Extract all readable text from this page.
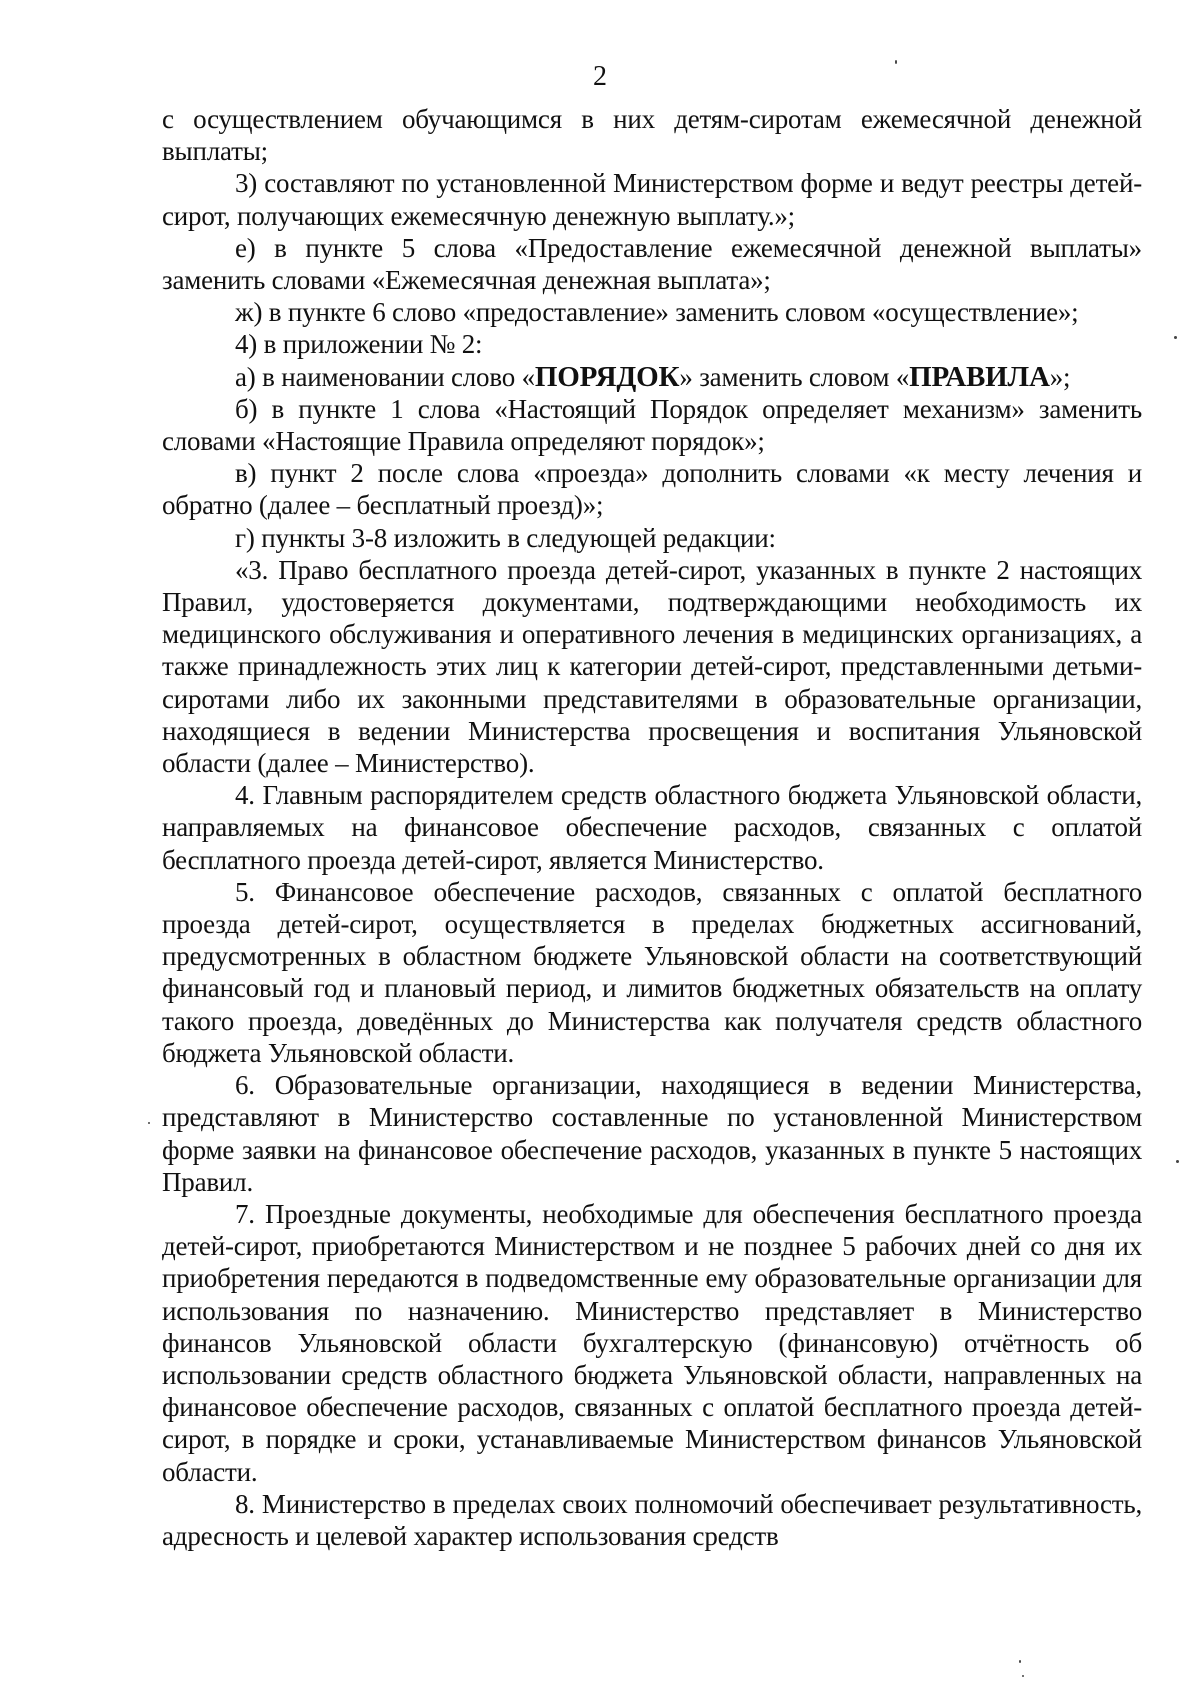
2

с осуществлением обучающимся в них детям-сиротам ежемесячной денежной выплаты;

3) составляют по установленной Министерством форме и ведут реестры детей-сирот, получающих ежемесячную денежную выплату.»;

е) в пункте 5 слова «Предоставление ежемесячной денежной выплаты» заменить словами «Ежемесячная денежная выплата»;

ж) в пункте 6 слово «предоставление» заменить словом «осуществление»;

4) в приложении № 2:

а) в наименовании слово «ПОРЯДОК» заменить словом «ПРАВИЛА»;

б) в пункте 1 слова «Настоящий Порядок определяет механизм» заменить словами «Настоящие Правила определяют порядок»;

в) пункт 2 после слова «проезда» дополнить словами «к месту лечения и обратно (далее – бесплатный проезд)»;

г) пункты 3-8 изложить в следующей редакции:

«3. Право бесплатного проезда детей-сирот, указанных в пункте 2 настоящих Правил, удостоверяется документами, подтверждающими необходимость их медицинского обслуживания и оперативного лечения в медицинских организациях, а также принадлежность этих лиц к категории детей-сирот, представленными детьми-сиротами либо их законными представителями в образовательные организации, находящиеся в ведении Министерства просвещения и воспитания Ульяновской области (далее – Министерство).

4. Главным распорядителем средств областного бюджета Ульяновской области, направляемых на финансовое обеспечение расходов, связанных с оплатой бесплатного проезда детей-сирот, является Министерство.

5. Финансовое обеспечение расходов, связанных с оплатой бесплатного проезда детей-сирот, осуществляется в пределах бюджетных ассигнований, предусмотренных в областном бюджете Ульяновской области на соответствующий финансовый год и плановый период, и лимитов бюджетных обязательств на оплату такого проезда, доведённых до Министерства как получателя средств областного бюджета Ульяновской области.

6. Образовательные организации, находящиеся в ведении Министерства, представляют в Министерство составленные по установленной Министерством форме заявки на финансовое обеспечение расходов, указанных в пункте 5 настоящих Правил.

7. Проездные документы, необходимые для обеспечения бесплатного проезда детей-сирот, приобретаются Министерством и не позднее 5 рабочих дней со дня их приобретения передаются в подведомственные ему образовательные организации для использования по назначению. Министерство представляет в Министерство финансов Ульяновской области бухгалтерскую (финансовую) отчётность об использовании средств областного бюджета Ульяновской области, направленных на финансовое обеспечение расходов, связанных с оплатой бесплатного проезда детей-сирот, в порядке и сроки, устанавливаемые Министерством финансов Ульяновской области.

8. Министерство в пределах своих полномочий обеспечивает результативность, адресность и целевой характер использования средств
